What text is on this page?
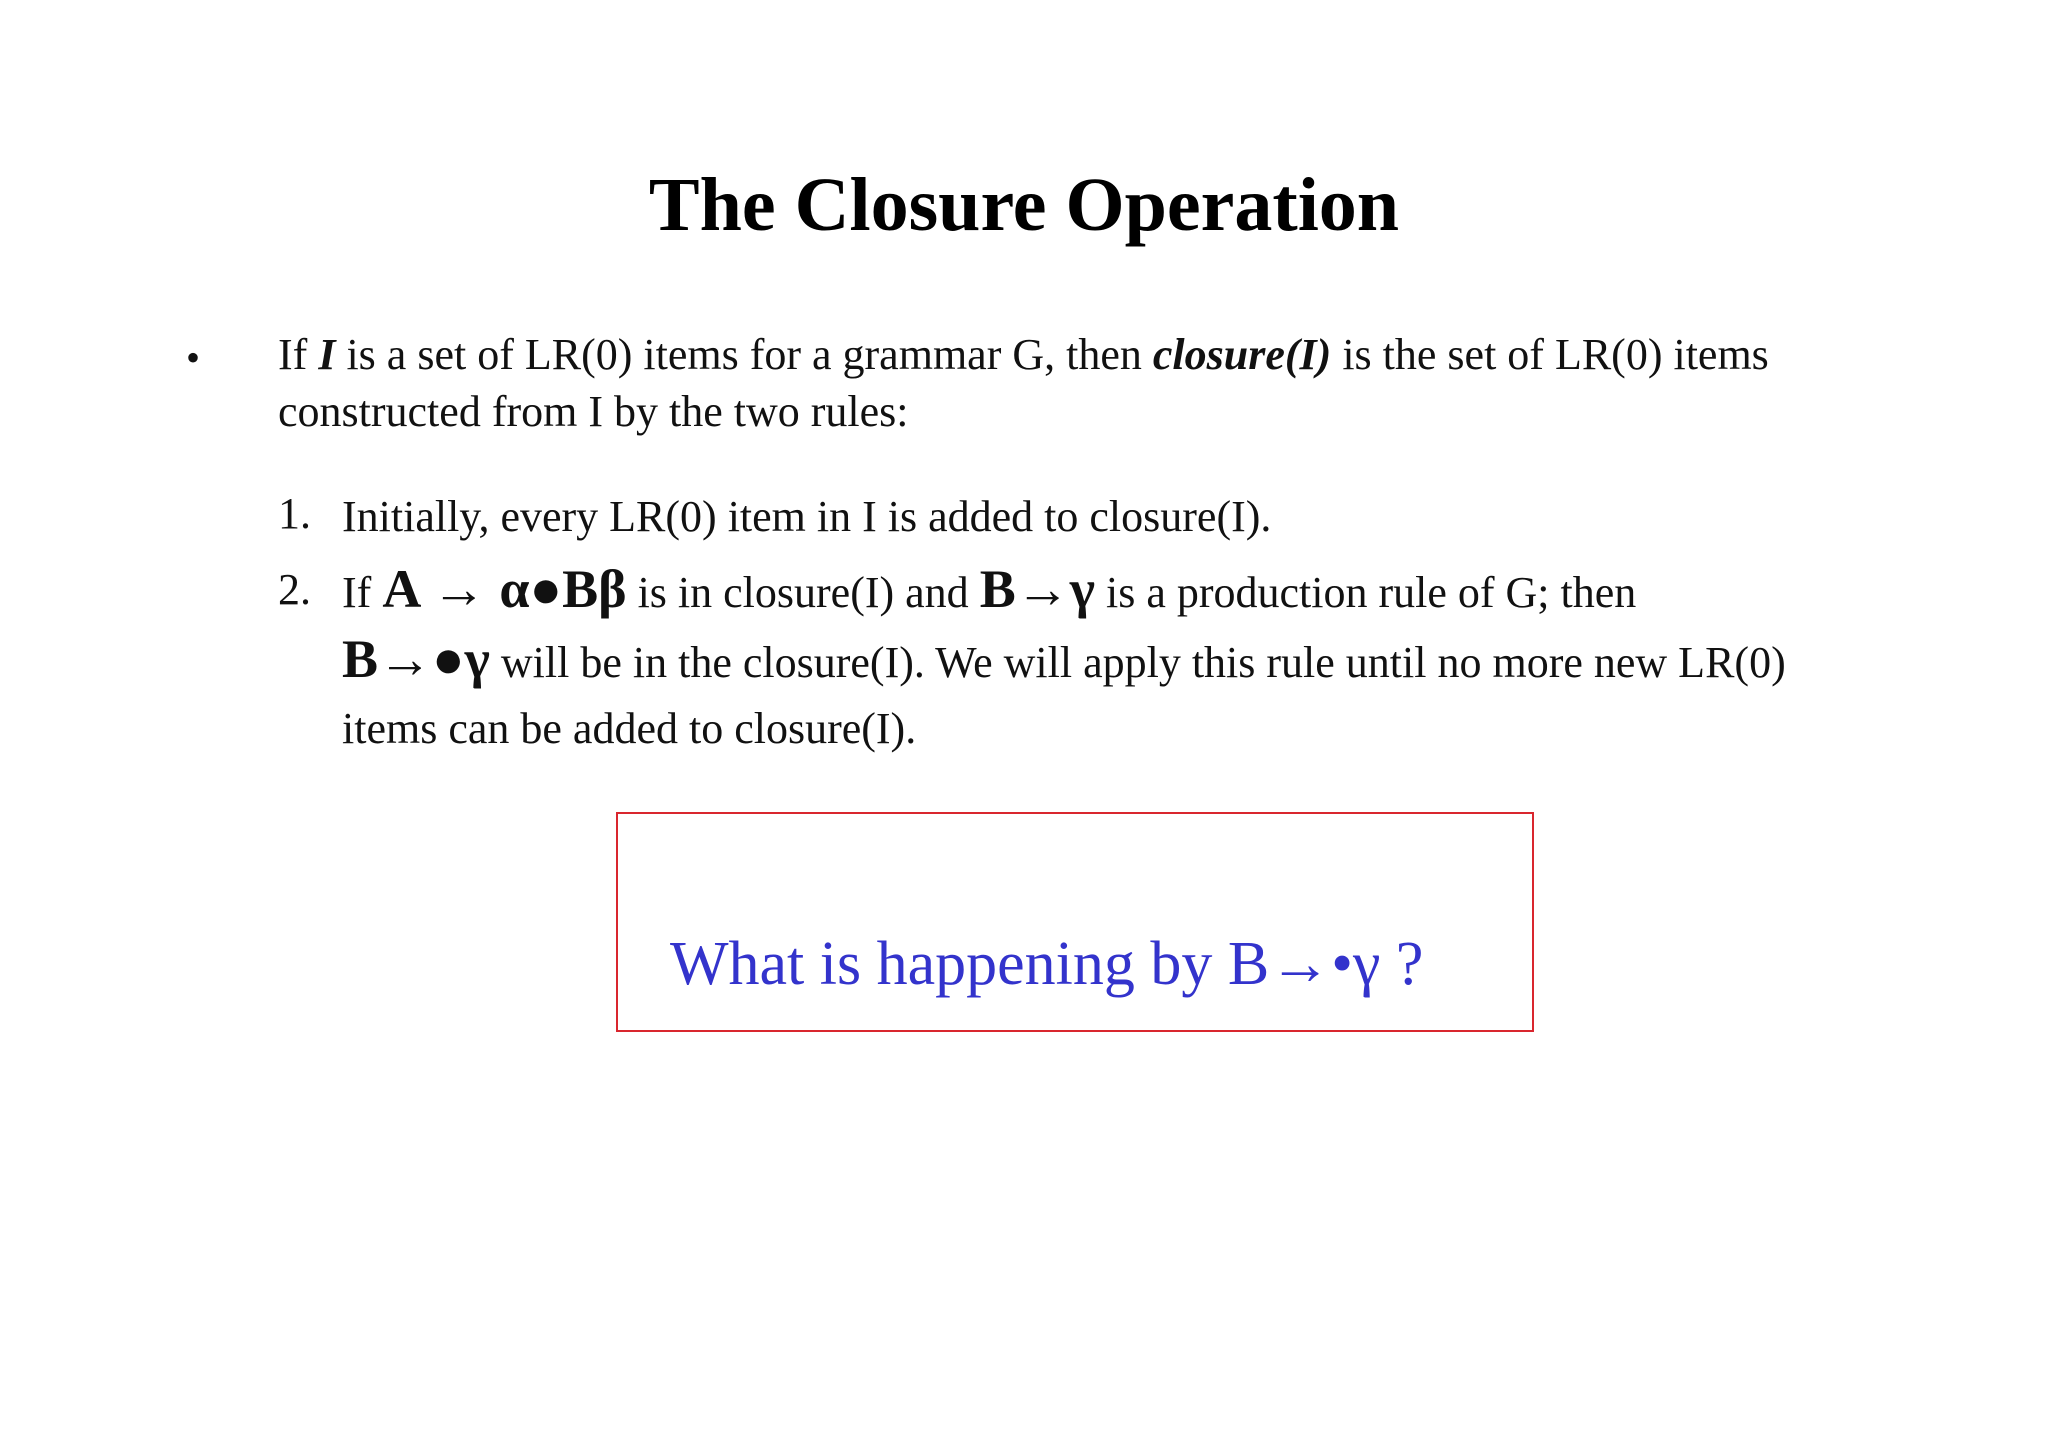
The Closure Operation
• If I is a set of LR(0) items for a grammar G, then closure(I) is the set of LR(0) items constructed from I by the two rules:
1. Initially, every LR(0) item in I is added to closure(I).
2. If A → α●Bβ is in closure(I) and B→γ is a production rule of G; then
B→●γ will be in the closure(I). We will apply this rule until no more new LR(0) items can be added to closure(I).
What is happening by B→•γ ?
